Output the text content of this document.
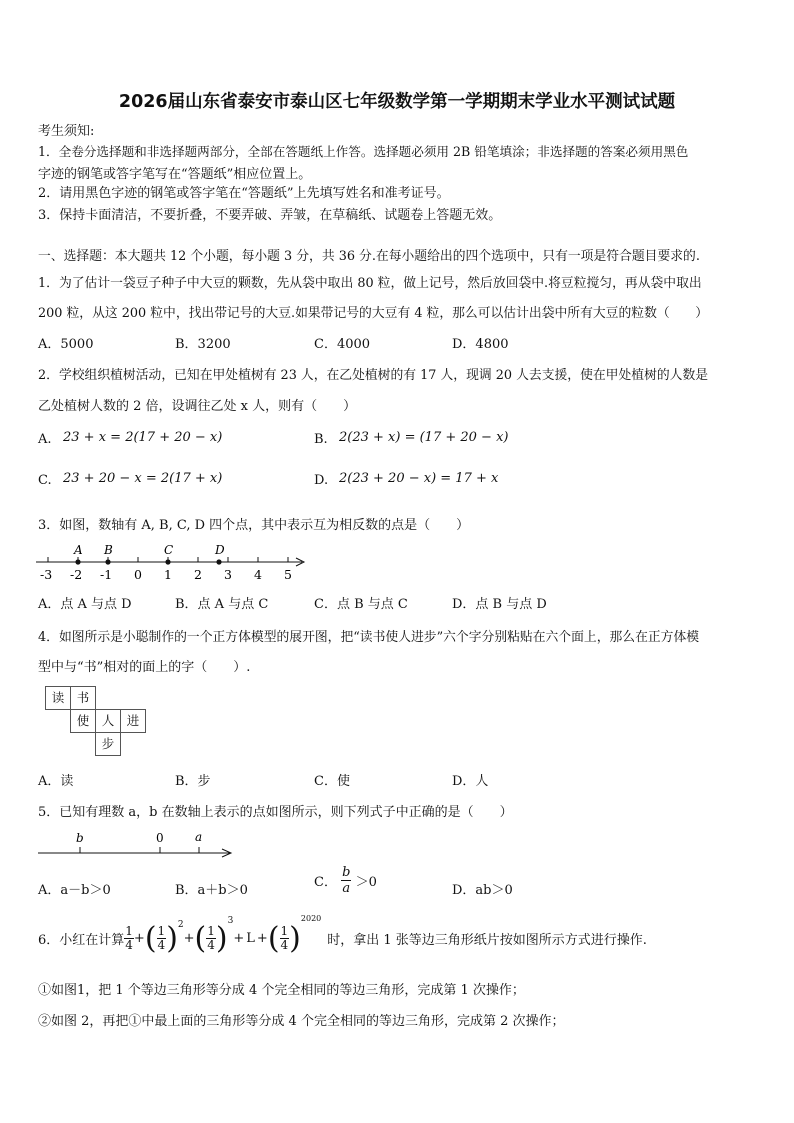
2026届山东省泰安市泰山区七年级数学第一学期期末学业水平测试试题
考生须知:
1．全卷分选择题和非选择题两部分，全部在答题纸上作答。选择题必须用 2B 铅笔填涂；非选择题的答案必须用黑色
字迹的钢笔或答字笔写在“答题纸”相应位置上。
2．请用黑色字迹的钢笔或答字笔在“答题纸”上先填写姓名和准考证号。
3．保持卡面清洁，不要折叠，不要弄破、弄皱，在草稿纸、试题卷上答题无效。
一、选择题：本大题共 12 个小题，每小题 3 分，共 36 分.在每小题给出的四个选项中，只有一项是符合题目要求的.
1．为了估计一袋豆子种子中大豆的颗数，先从袋中取出 80 粒，做上记号，然后放回袋中.将豆粒搅匀，再从袋中取出
200 粒，从这 200 粒中，找出带记号的大豆.如果带记号的大豆有 4 粒，那么可以估计出袋中所有大豆的粒数（　　）
A．5000	B．3200	C．4000	D．4800
2．学校组织植树活动，已知在甲处植树有 23 人，在乙处植树的有 17 人，现调 20 人去支援，使在甲处植树的人数是
乙处植树人数的 2 倍，设调往乙处 x 人，则有（　　）
A. 23 + x = 2(17 + 20 − x)	B. 2(23 + x) = (17 + 20 − x)
C. 23 + 20 − x = 2(17 + x)	D. 2(23 + 20 − x) = 17 + x
3．如图，数轴有 A, B, C, D 四个点，其中表示互为相反数的点是（　　）
-3 -2 -1 0 1 2 3 4 5
A B	C	D
A．点 A 与点 D	B．点 A 与点 C	C．点 B 与点 C	D．点 B 与点 D
4．如图所示是小聪制作的一个正方体模型的展开图，把“读书使人进步”六个字分别粘贴在六个面上，那么在正方体模
型中与“书”相对的面上的字（　　）.
读 书
使 人 进
步
A．读	B．步	C．使	D．人
5．已知有理数 a，b 在数轴上表示的点如图所示，则下列式子中正确的是（　　）
b	0	a
A．a－b＞0	B．a＋b＞0
C． $\frac{b}{a} >0$
D．ab＞0
6．小红在计算 $\frac{1}{4}$ + ( $\frac{1}{4} )^2$
+ ( $\frac{1}{4} )^3$
+ L + ( $\frac{1}{4}$ )
$^{2020}$
时，拿出 1 张等边三角形纸片按如图所示方式进行操作.
①如图1，把 1 个等边三角形等分成 4 个完全相同的等边三角形，完成第 1 次操作；
②如图 2，再把①中最上面的三角形等分成 4 个完全相同的等边三角形，完成第 2 次操作；
